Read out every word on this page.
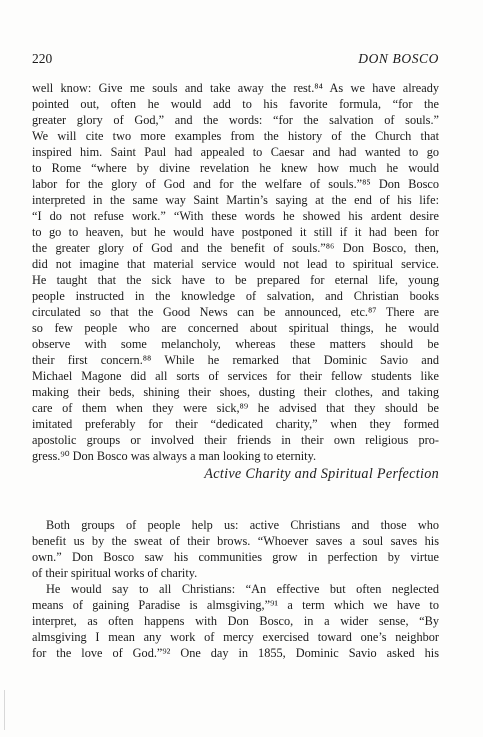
220	DON BOSCO
well know: Give me souls and take away the rest.⁸⁴ As we have already
pointed out, often he would add to his favorite formula, “for the
greater glory of God,” and the words: “for the salvation of souls.”
We will cite two more examples from the history of the Church that
inspired him. Saint Paul had appealed to Caesar and had wanted to go
to Rome “where by divine revelation he knew how much he would
labor for the glory of God and for the welfare of souls.”⁸⁵ Don Bosco
interpreted in the same way Saint Martin’s saying at the end of his life:
“I do not refuse work.” “With these words he showed his ardent desire
to go to heaven, but he would have postponed it still if it had been for
the greater glory of God and the benefit of souls.”⁸⁶ Don Bosco, then,
did not imagine that material service would not lead to spiritual service.
He taught that the sick have to be prepared for eternal life, young
people instructed in the knowledge of salvation, and Christian books
circulated so that the Good News can be announced, etc.⁸⁷ There are
so few people who are concerned about spiritual things, he would
observe with some melancholy, whereas these matters should be
their first concern.⁸⁸ While he remarked that Dominic Savio and
Michael Magone did all sorts of services for their fellow students like
making their beds, shining their shoes, dusting their clothes, and taking
care of them when they were sick,⁸⁹ he advised that they should be
imitated preferably for their “dedicated charity,” when they formed
apostolic groups or involved their friends in their own religious pro-
gress.⁹⁰ Don Bosco was always a man looking to eternity.
Active Charity and Spiritual Perfection
Both groups of people help us: active Christians and those who
benefit us by the sweat of their brows. “Whoever saves a soul saves his
own.” Don Bosco saw his communities grow in perfection by virtue
of their spiritual works of charity.
He would say to all Christians: “An effective but often neglected
means of gaining Paradise is almsgiving,”⁹¹ a term which we have to
interpret, as often happens with Don Bosco, in a wider sense, “By
almsgiving I mean any work of mercy exercised toward one’s neighbor
for the love of God.”⁹² One day in 1855, Dominic Savio asked his
